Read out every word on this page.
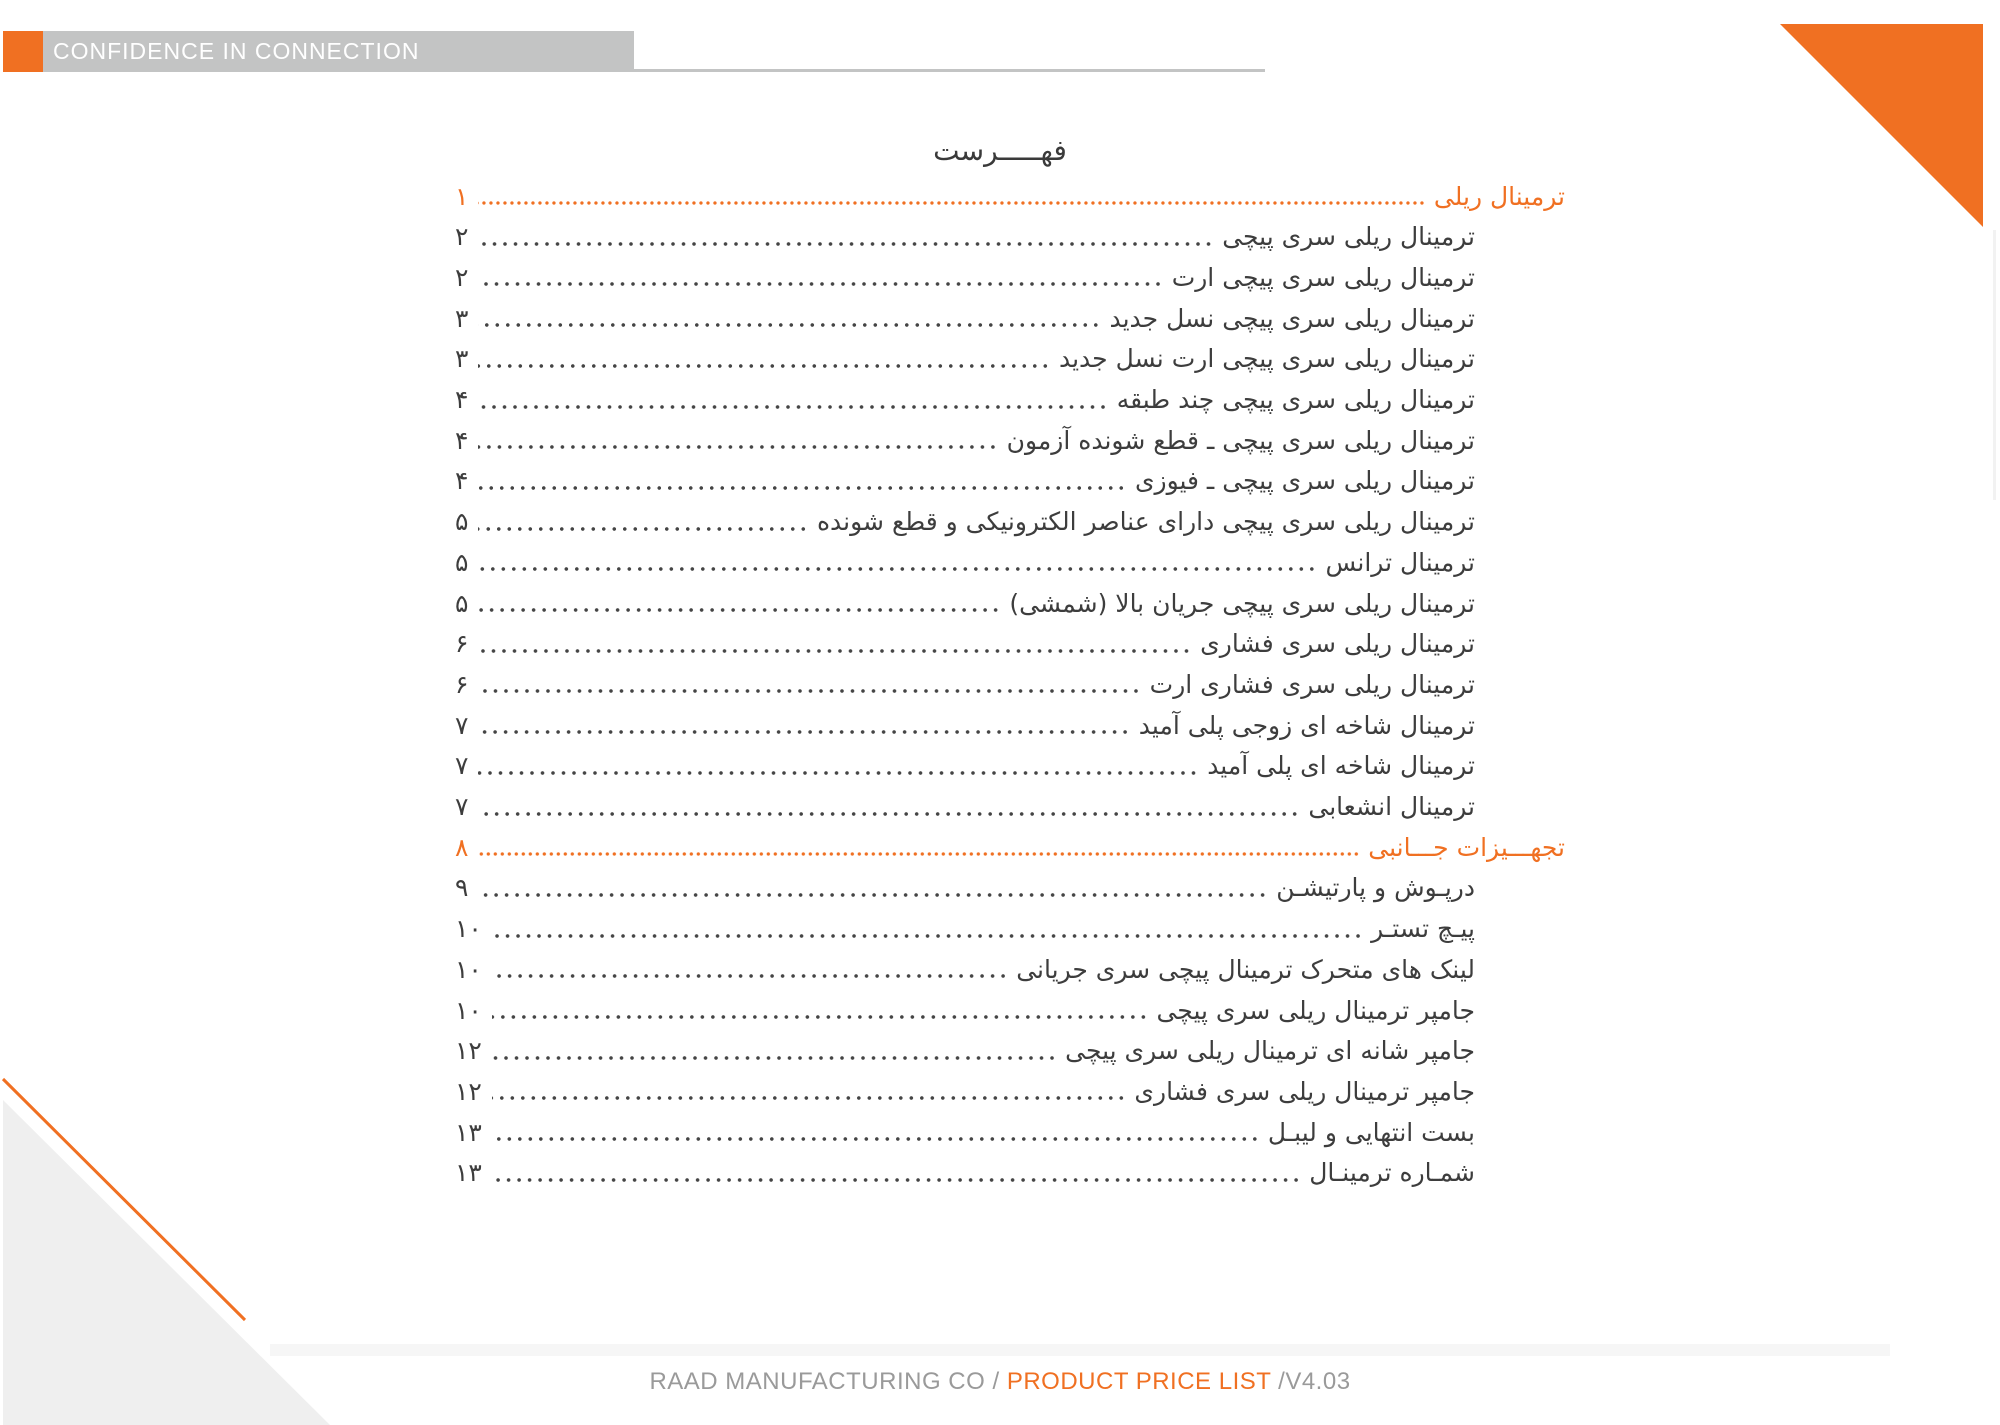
CONFIDENCE IN CONNECTION
فهـــــرست
ترمینال ریلی
۱
ترمینال ریلی سری پیچی
۲
ترمینال ریلی سری پیچی ارت
۲
ترمینال ریلی سری پیچی نسل جدید
۳
ترمینال ریلی سری پیچی ارت نسل جدید
۳
ترمینال ریلی سری پیچی چند طبقه
۴
ترمینال ریلی سری پیچی ـ قطع شونده آزمون
۴
ترمینال ریلی سری پیچی ـ فیوزی
۴
ترمینال ریلی سری پیچی دارای عناصر الکترونیکی و قطع شونده
۵
ترمینال ترانس
۵
ترمینال ریلی سری پیچی جریان بالا (شمشی)
۵
ترمینال ریلی سری فشاری
۶
ترمینال ریلی سری فشاری ارت
۶
ترمینال شاخه ای زوجی پلی آمید
۷
ترمینال شاخه ای پلی آمید
۷
ترمینال انشعابی
۷
تجهـــیزات جـــانبی
۸
درپـوش و پارتیشـن
۹
پیـچ تستـر
۱۰
لینک های متحرک ترمینال پیچی سری جریانی
۱۰
جامپر ترمینال ریلی سری پیچی
۱۰
جامپر شانه ای ترمینال ریلی سری پیچی
۱۲
جامپر ترمینال ریلی سری فشاری
۱۲
بست انتهایی و لیبـل
۱۳
شمـاره ترمینـال
۱۳
RAAD MANUFACTURING CO / PRODUCT PRICE LIST /V4.03
